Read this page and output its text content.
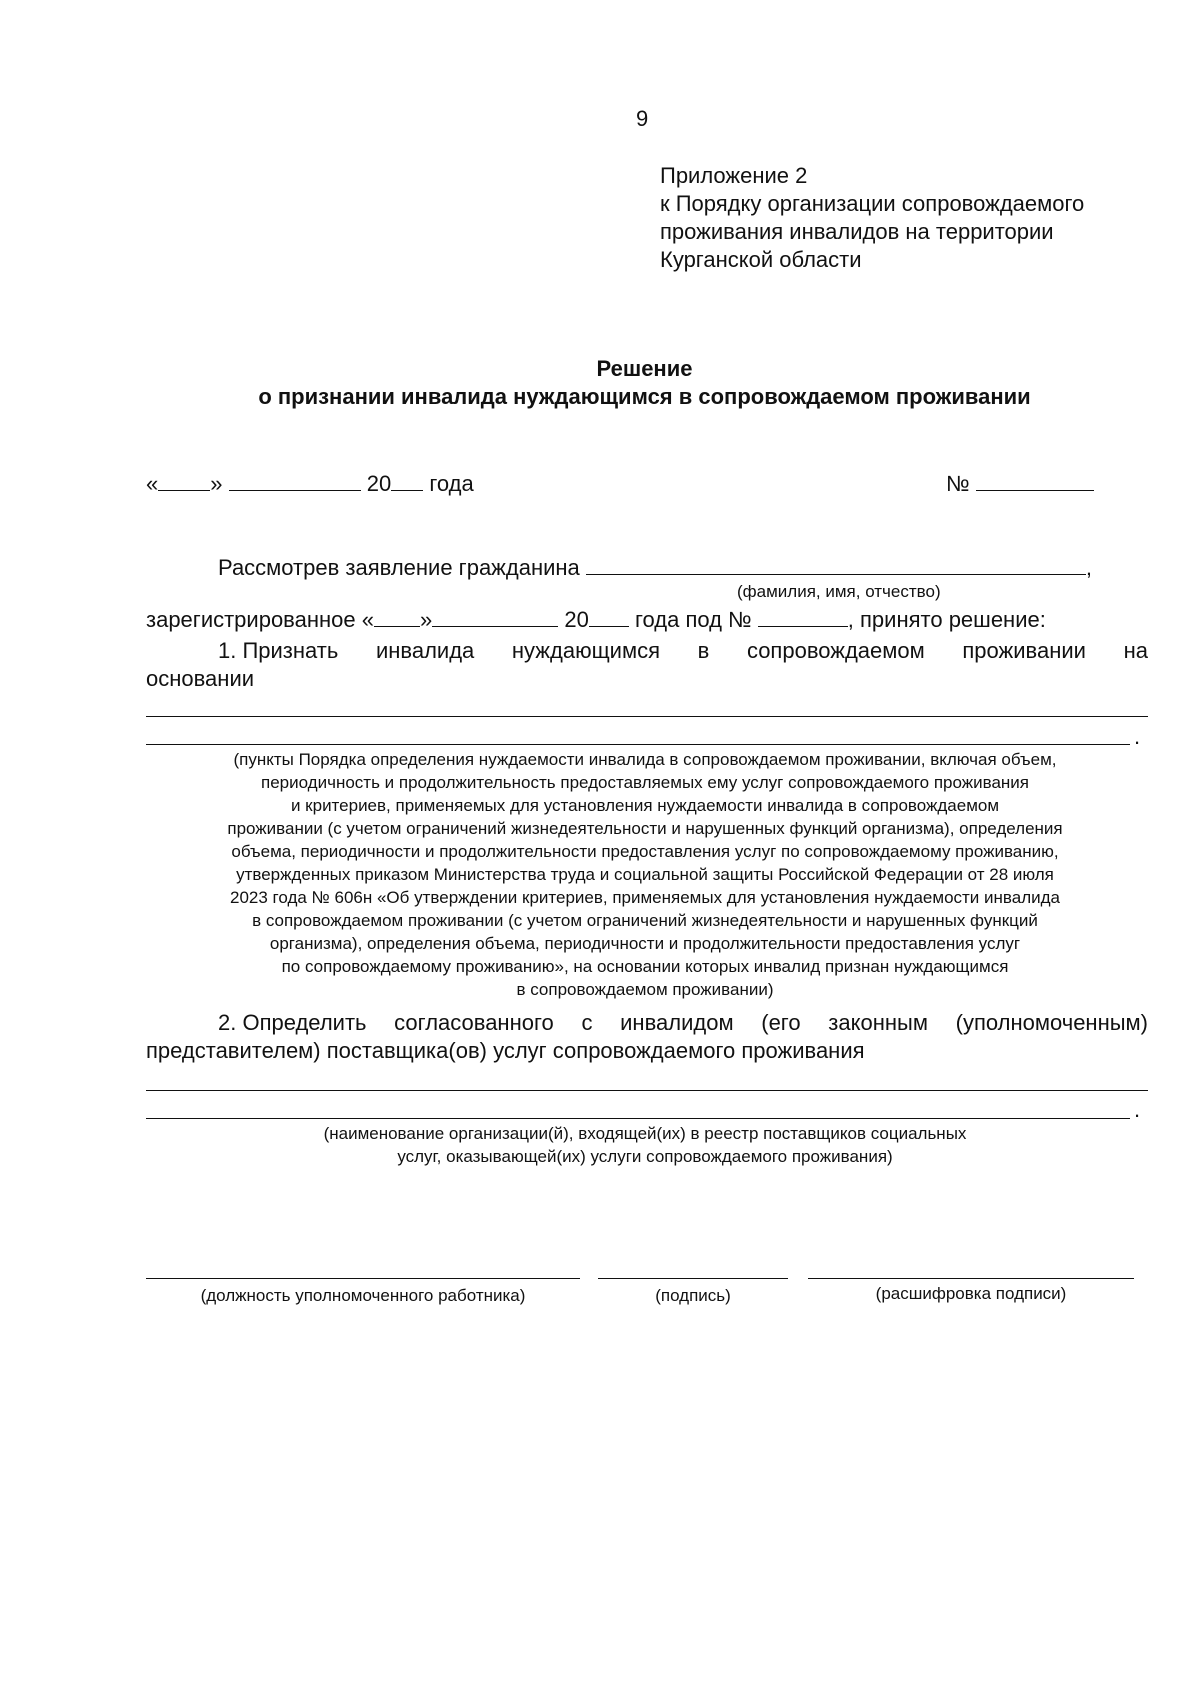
9
Приложение 2
к Порядку организации сопровождаемого
проживания инвалидов на территории
Курганской области
Решение
о признании инвалида нуждающимся в сопровождаемом проживании
« »	20 года	№
Рассмотрев заявление гражданина	,
(фамилия, имя, отчество)
зарегистрированное « »	20 года под №	, принято решение:
1. Признать инвалида нуждающимся в сопровождаемом проживании на
основании
.
(пункты Порядка определения нуждаемости инвалида в сопровождаемом проживании, включая объем,
периодичность и продолжительность предоставляемых ему услуг сопровождаемого проживания
и критериев, применяемых для установления нуждаемости инвалида в сопровождаемом
проживании (с учетом ограничений жизнедеятельности и нарушенных функций организма), определения
объема, периодичности и продолжительности предоставления услуг по сопровождаемому проживанию,
утвержденных приказом Министерства труда и социальной защиты Российской Федерации от 28 июля
2023 года № 606н «Об утверждении критериев, применяемых для установления нуждаемости инвалида
в сопровождаемом проживании (с учетом ограничений жизнедеятельности и нарушенных функций
организма), определения объема, периодичности и продолжительности предоставления услуг
по сопровождаемому проживанию», на основании которых инвалид признан нуждающимся
в сопровождаемом проживании)
2. Определить согласованного с инвалидом (его законным (уполномоченным)
представителем) поставщика(ов) услуг сопровождаемого проживания
.
(наименование организации(й), входящей(их) в реестр поставщиков социальных
услуг, оказывающей(их) услуги сопровождаемого проживания)
(должность уполномоченного работника)	(подпись)	(расшифровка подписи)
